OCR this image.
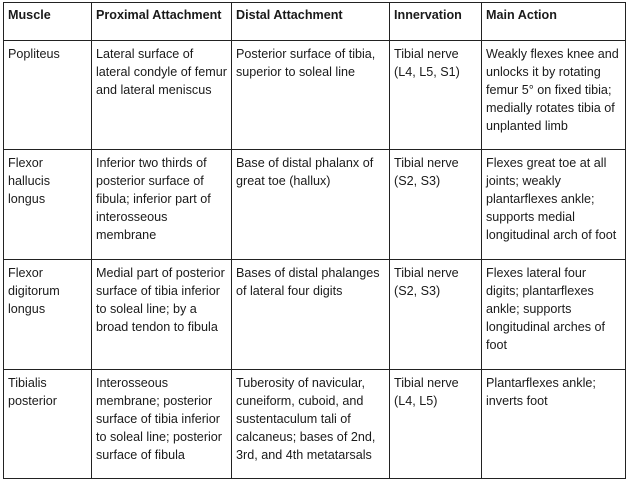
Muscle	Proximal Attachment	Distal Attachment	Innervation	Main Action
Popliteus	Lateral surface of lateral condyle of femur and lateral meniscus	Posterior surface of tibia, superior to soleal line	Tibial nerve (L4, L5, S1)	Weakly flexes knee and unlocks it by rotating femur 5° on fixed tibia; medially rotates tibia of unplanted limb
Flexor hallucis longus	Inferior two thirds of posterior surface of fibula; inferior part of interosseous membrane	Base of distal phalanx of great toe (hallux)	Tibial nerve (S2, S3)	Flexes great toe at all joints; weakly plantarflexes ankle; supports medial longitudinal arch of foot
Flexor digitorum longus	Medial part of posterior surface of tibia inferior to soleal line; by a broad tendon to fibula	Bases of distal phalanges of lateral four digits	Tibial nerve (S2, S3)	Flexes lateral four digits; plantarflexes ankle; supports longitudinal arches of foot
Tibialis posterior	Interosseous membrane; posterior surface of tibia inferior to soleal line; posterior surface of fibula	Tuberosity of navicular, cuneiform, cuboid, and sustentaculum tali of calcaneus; bases of 2nd, 3rd, and 4th metatarsals	Tibial nerve (L4, L5)	Plantarflexes ankle; inverts foot
